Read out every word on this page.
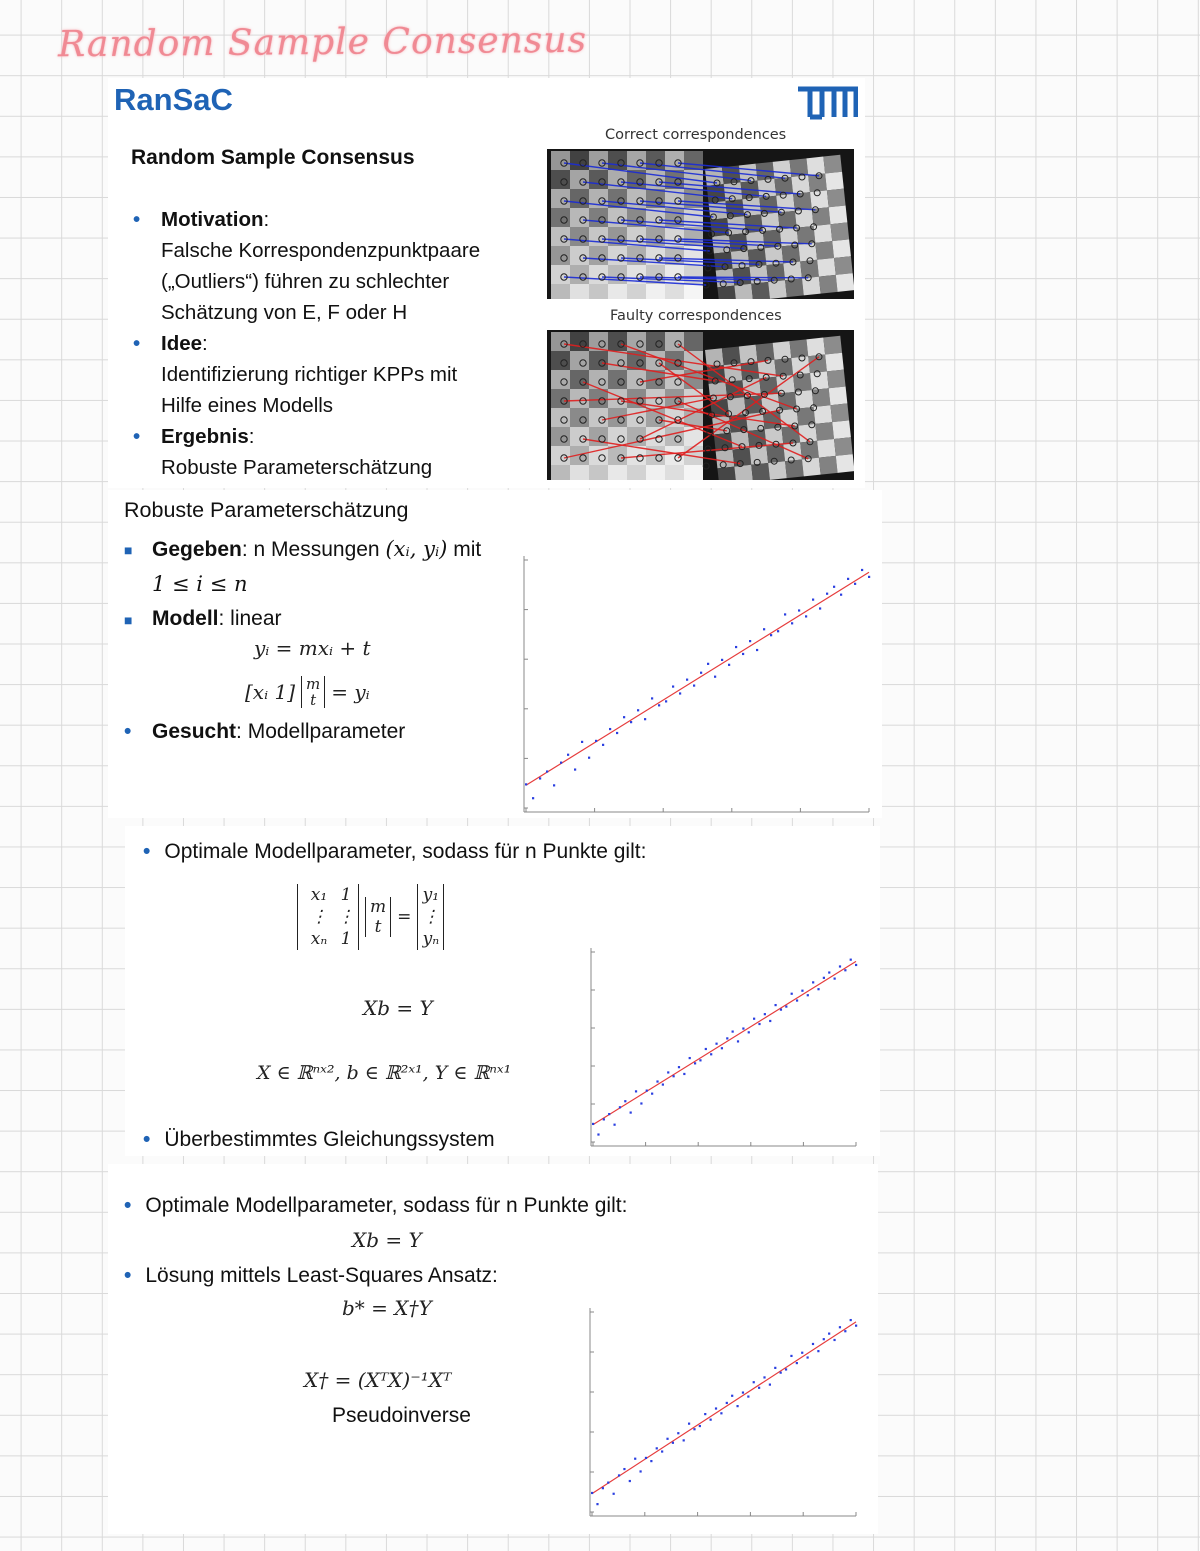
Random Sample Consensus
RanSaC
Random Sample Consensus
• Motivation:
Falsche Korrespondenzpunktpaare
(„Outliers“) führen zu schlechter
Schätzung von E, F oder H
• Idee:
Identifizierung richtiger KPPs mit
Hilfe eines Modells
• Ergebnis:
Robuste Parameterschätzung
Correct correspondences
Faulty correspondences
Robuste Parameterschätzung
■ Gegeben: n Messungen (xᵢ, yᵢ) mit
1 ≤ i ≤ n
■ Modell: linear
yᵢ = mxᵢ + t
[xᵢ 1] m
t = yᵢ
• Gesucht: Modellparameter
• Optimale Modellparameter, sodass für n Punkte gilt:
x₁ 1
⋮ ⋮
xₙ 1
m
t =
y₁
⋮
yₙ
Xb = Y
X ∈ ℝⁿˣ², b ∈ ℝ²ˣ¹, Y ∈ ℝⁿˣ¹
• Überbestimmtes Gleichungssystem
• Optimale Modellparameter, sodass für n Punkte gilt:
Xb = Y
• Lösung mittels Least-Squares Ansatz:
b* = X†Y
X† = (XᵀX)⁻¹Xᵀ
Pseudoinverse
